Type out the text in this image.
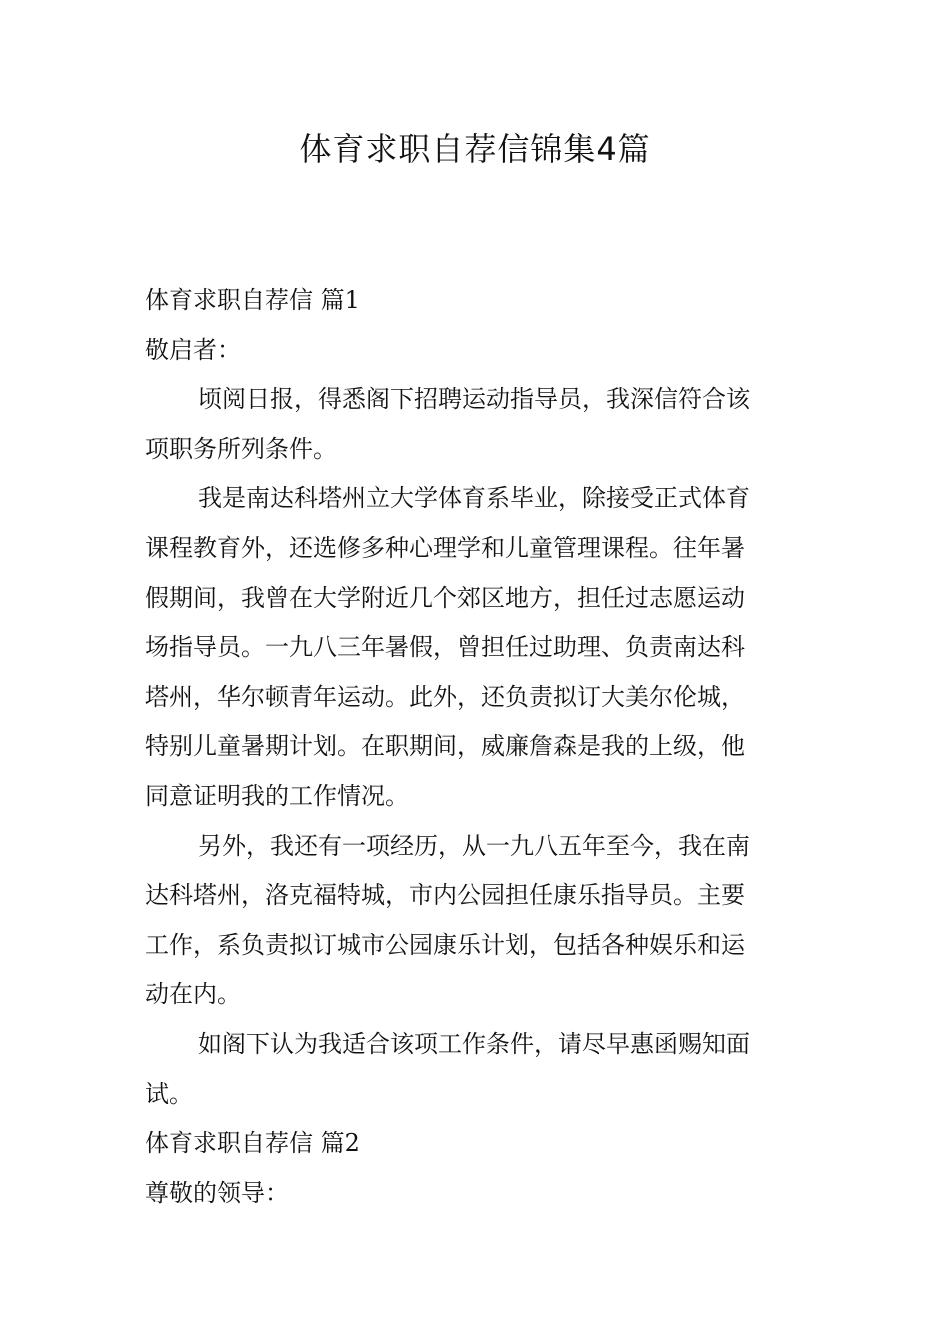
体育求职自荐信锦集4篇

体育求职自荐信 篇1

敬启者：

顷阅日报，得悉阁下招聘运动指导员，我深信符合该

项职务所列条件。

我是南达科塔州立大学体育系毕业，除接受正式体育

课程教育外，还选修多种心理学和儿童管理课程。往年暑

假期间，我曾在大学附近几个郊区地方，担任过志愿运动

场指导员。一九八三年暑假，曾担任过助理、负责南达科

塔州，华尔顿青年运动。此外，还负责拟订大美尔伦城，

特别儿童暑期计划。在职期间，威廉詹森是我的上级，他

同意证明我的工作情况。

另外，我还有一项经历，从一九八五年至今，我在南

达科塔州，洛克福特城，市内公园担任康乐指导员。主要

工作，系负责拟订城市公园康乐计划，包括各种娱乐和运

动在内。

如阁下认为我适合该项工作条件，请尽早惠函赐知面

试。

体育求职自荐信 篇2

尊敬的领导：
